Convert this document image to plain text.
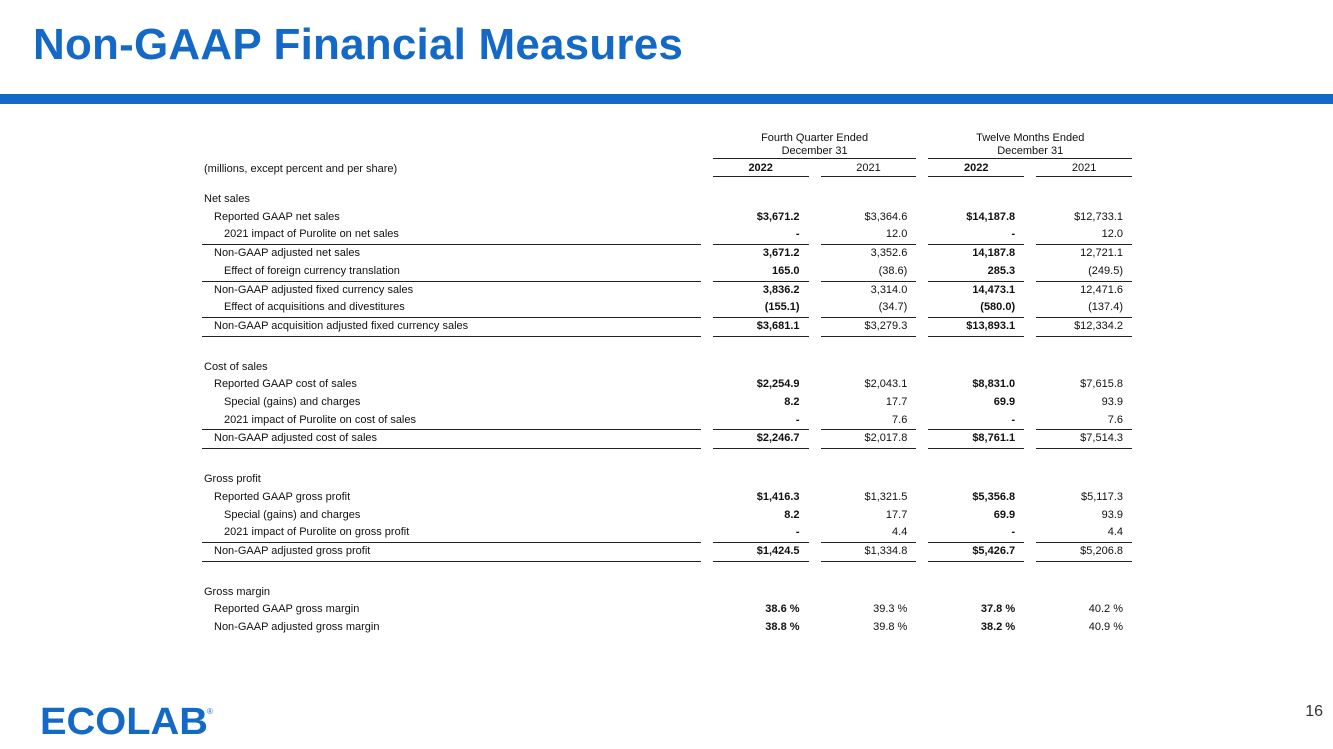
Non-GAAP Financial Measures
		Fourth Quarter Ended
December 31				Twelve Months Ended
December 31		
(millions, except percent and per share)		2022		2021		2022		2021

Net sales								
Reported GAAP net sales		$3,671.2		$3,364.6		$14,187.8		$12,733.1
2021 impact of Purolite on net sales		-		12.0		-		12.0
Non-GAAP adjusted net sales		3,671.2		3,352.6		14,187.8		12,721.1
Effect of foreign currency translation		165.0		(38.6)		285.3		(249.5)
Non-GAAP adjusted fixed currency sales		3,836.2		3,314.0		14,473.1		12,471.6
Effect of acquisitions and divestitures		(155.1)		(34.7)		(580.0)		(137.4)
Non-GAAP acquisition adjusted fixed currency sales		$3,681.1		$3,279.3		$13,893.1		$12,334.2

Cost of sales								
Reported GAAP cost of sales		$2,254.9		$2,043.1		$8,831.0		$7,615.8
Special (gains) and charges		8.2		17.7		69.9		93.9
2021 impact of Purolite on cost of sales		-		7.6		-		7.6
Non-GAAP adjusted cost of sales		$2,246.7		$2,017.8		$8,761.1		$7,514.3

Gross profit								
Reported GAAP gross profit		$1,416.3		$1,321.5		$5,356.8		$5,117.3
Special (gains) and charges		8.2		17.7		69.9		93.9
2021 impact of Purolite on gross profit		-		4.4		-		4.4
Non-GAAP adjusted gross profit		$1,424.5		$1,334.8		$5,426.7		$5,206.8

Gross margin								
Reported GAAP gross margin		38.6 %		39.3 %		37.8 %		40.2 %
Non-GAAP adjusted gross margin		38.8 %		39.8 %		38.2 %		40.9 %
ECOLAB ®	16
